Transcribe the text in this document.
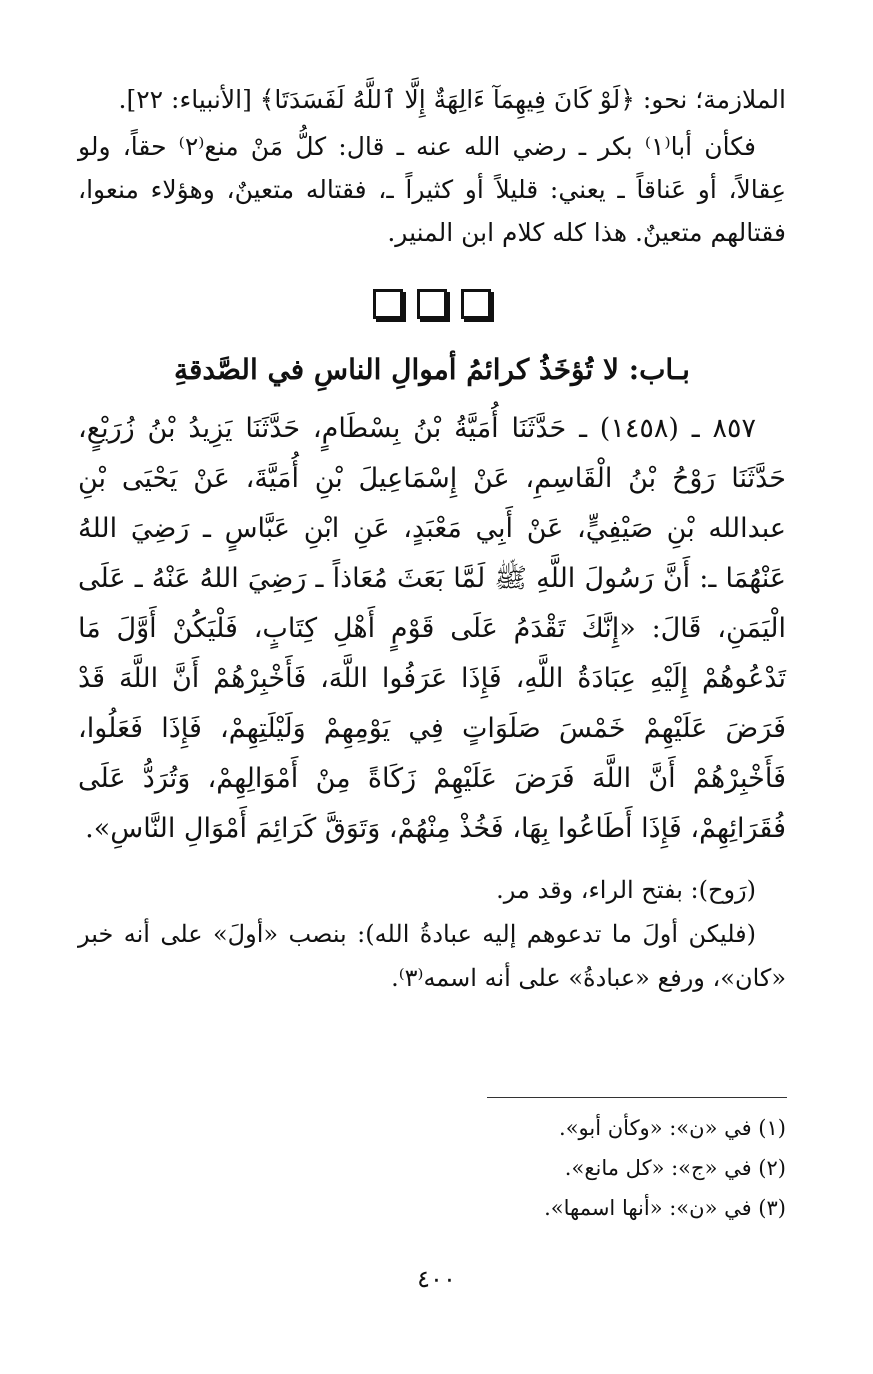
الملازمة؛ نحو: ﴿لَوْ كَانَ فِيهِمَآ ءَالِهَةٌ إِلَّا ٱللَّهُ لَفَسَدَتَا﴾ [الأنبياء: ٢٢].

فكأن أبا⁽١⁾ بكر ـ رضي الله عنه ـ قال: كلُّ مَنْ منع⁽٢⁾ حقاً، ولو عِقالاً، أو عَناقاً ـ يعني: قليلاً أو كثيراً ـ، فقتاله متعينٌ، وهؤلاء منعوا، فقتالهم متعينٌ. هذا كله كلام ابن المنير.

بـاب: لا تُؤخَذُ كرائمُ أموالِ الناسِ في الصَّدقةِ

٨٥٧ ـ (١٤٥٨) ـ حَدَّثَنَا أُمَيَّةُ بْنُ بِسْطَامٍ، حَدَّثَنَا يَزِيدُ بْنُ زُرَيْعٍ، حَدَّثَنَا رَوْحُ بْنُ الْقَاسِمِ، عَنْ إِسْمَاعِيلَ بْنِ أُمَيَّةَ، عَنْ يَحْيَى بْنِ عبدالله بْنِ صَيْفِيٍّ، عَنْ أَبِي مَعْبَدٍ، عَنِ ابْنِ عَبَّاسٍ ـ رَضِيَ اللهُ عَنْهُمَا ـ: أَنَّ رَسُولَ اللَّهِ ﷺ لَمَّا بَعَثَ مُعَاذاً ـ رَضِيَ اللهُ عَنْهُ ـ عَلَى الْيَمَنِ، قَالَ: «إِنَّكَ تَقْدَمُ عَلَى قَوْمٍ أَهْلِ كِتَابٍ، فَلْيَكُنْ أَوَّلَ مَا تَدْعُوهُمْ إِلَيْهِ عِبَادَةُ اللَّهِ، فَإِذَا عَرَفُوا اللَّهَ، فَأَخْبِرْهُمْ أَنَّ اللَّهَ قَدْ فَرَضَ عَلَيْهِمْ خَمْسَ صَلَوَاتٍ فِي يَوْمِهِمْ وَلَيْلَتِهِمْ، فَإِذَا فَعَلُوا، فَأَخْبِرْهُمْ أَنَّ اللَّهَ فَرَضَ عَلَيْهِمْ زَكَاةً مِنْ أَمْوَالِهِمْ، وَتُرَدُّ عَلَى فُقَرَائِهِمْ، فَإِذَا أَطَاعُوا بِهَا، فَخُذْ مِنْهُمْ، وَتَوَقَّ كَرَائِمَ أَمْوَالِ النَّاسِ».

(رَوح): بفتح الراء، وقد مر.

(فليكن أولَ ما تدعوهم إليه عبادةُ الله): بنصب «أولَ» على أنه خبر «كان»، ورفع «عبادةُ» على أنه اسمه⁽٣⁾.

(١) في «ن»: «وكأن أبو».

(٢) في «ج»: «كل مانع».

(٣) في «ن»: «أنها اسمها».

٤٠٠
